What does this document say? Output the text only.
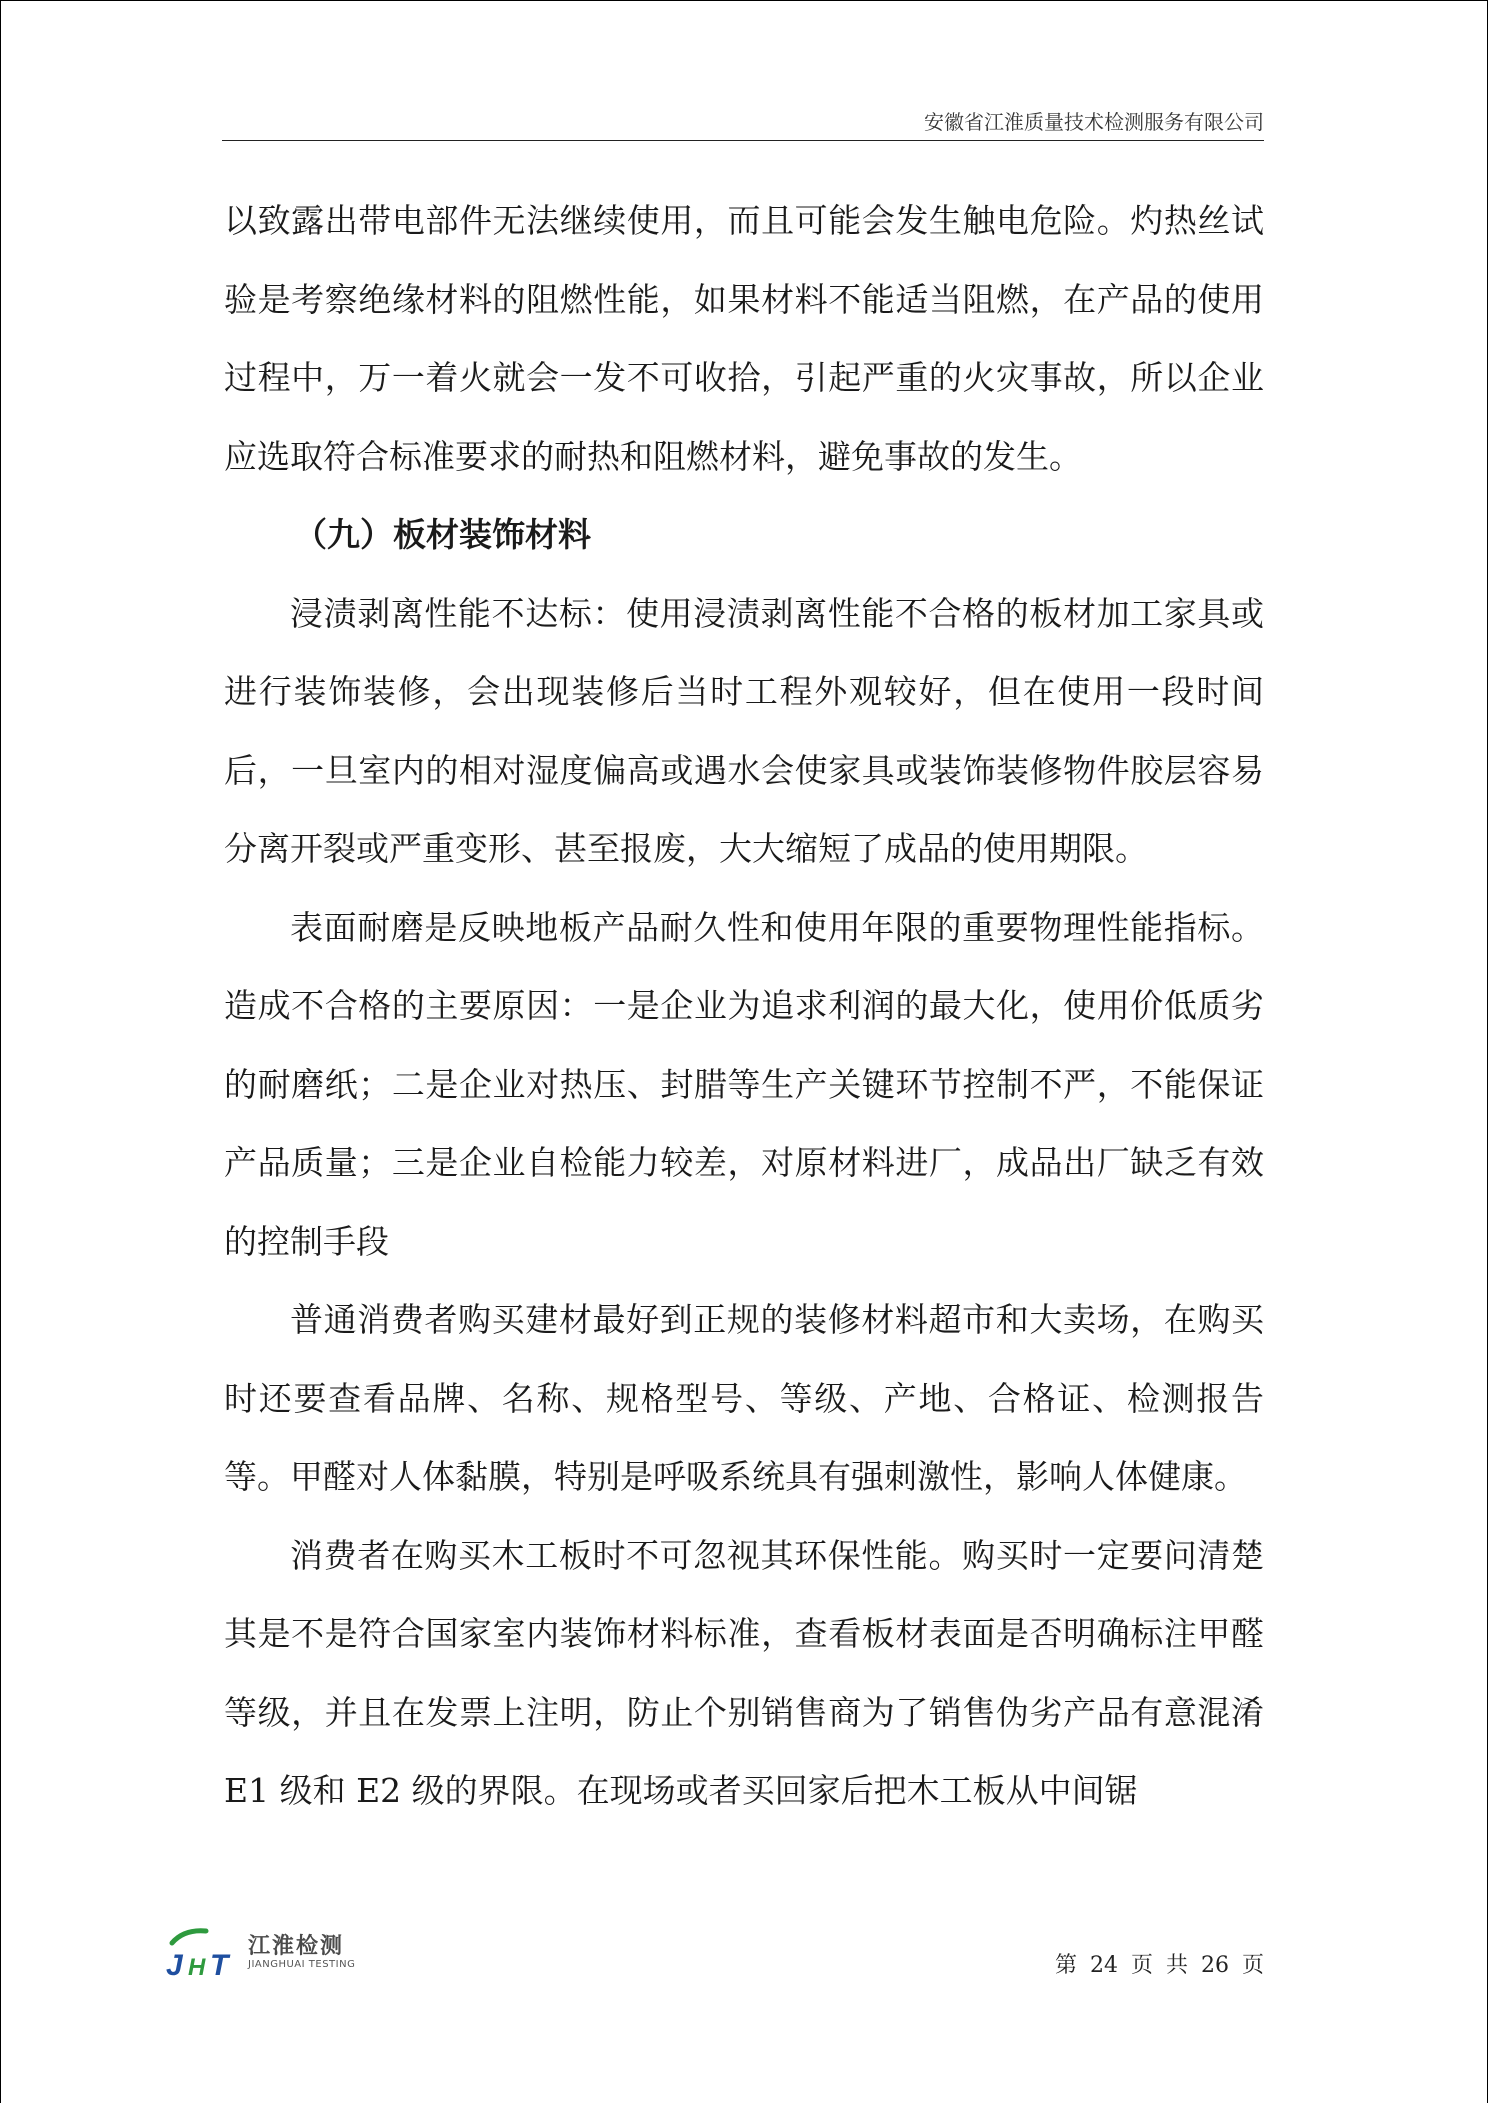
安徽省江淮质量技术检测服务有限公司

以致露出带电部件无法继续使用，而且可能会发生触电危险。灼热丝试验是考察绝缘材料的阻燃性能，如果材料不能适当阻燃，在产品的使用过程中，万一着火就会一发不可收拾，引起严重的火灾事故，所以企业应选取符合标准要求的耐热和阻燃材料，避免事故的发生。

（九）板材装饰材料

浸渍剥离性能不达标：使用浸渍剥离性能不合格的板材加工家具或进行装饰装修，会出现装修后当时工程外观较好，但在使用一段时间后，一旦室内的相对湿度偏高或遇水会使家具或装饰装修物件胶层容易分离开裂或严重变形、甚至报废，大大缩短了成品的使用期限。

表面耐磨是反映地板产品耐久性和使用年限的重要物理性能指标。造成不合格的主要原因：一是企业为追求利润的最大化，使用价低质劣的耐磨纸；二是企业对热压、封腊等生产关键环节控制不严，不能保证产品质量；三是企业自检能力较差，对原材料进厂，成品出厂缺乏有效的控制手段

普通消费者购买建材最好到正规的装修材料超市和大卖场，在购买时还要查看品牌、名称、规格型号、等级、产地、合格证、检测报告等。甲醛对人体黏膜，特别是呼吸系统具有强刺激性，影响人体健康。

消费者在购买木工板时不可忽视其环保性能。购买时一定要问清楚其是不是符合国家室内装饰材料标准，查看板材表面是否明确标注甲醛等级，并且在发票上注明，防止个别销售商为了销售伪劣产品有意混淆 E1 级和 E2 级的界限。在现场或者买回家后把木工板从中间锯

J H T
江淮检测
JIANGHUAI TESTING	第 24 页 共 26 页
